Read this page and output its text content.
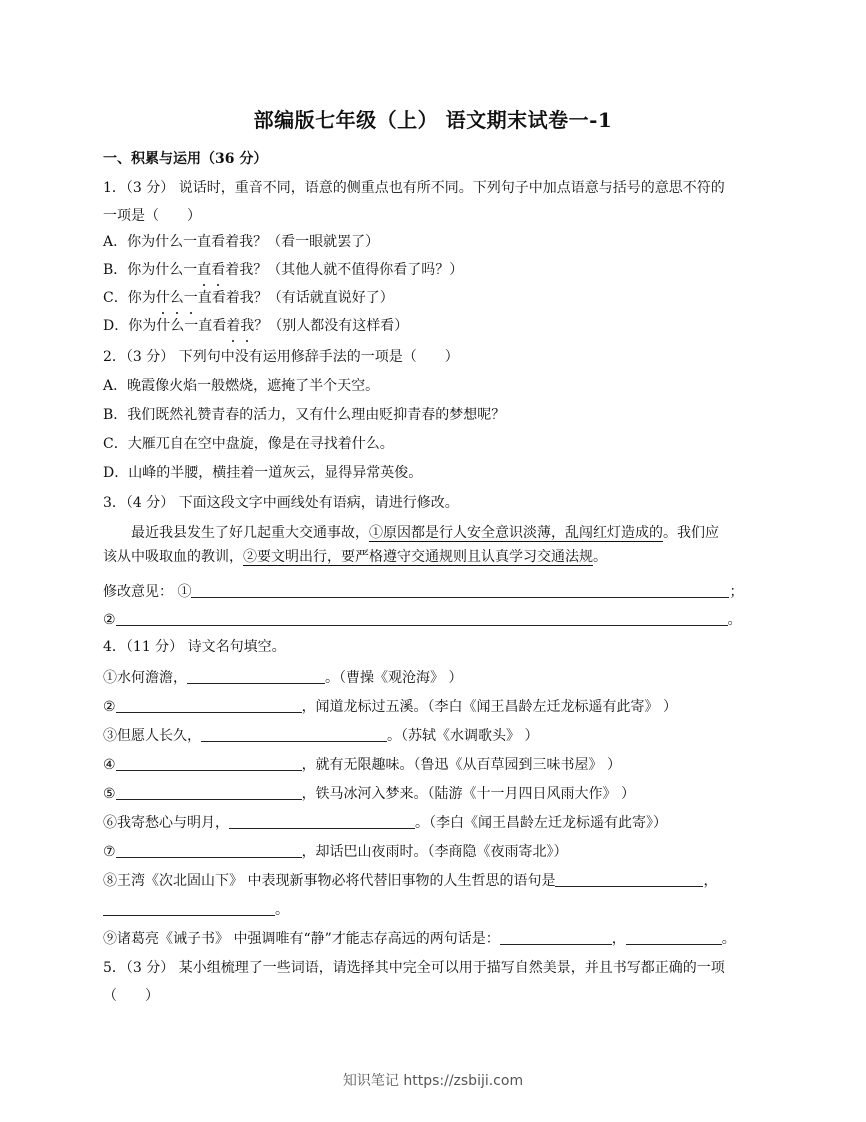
部编版七年级（上） 语文期末试卷一-1
一、积累与运用（36 分）
1．（3 分） 说话时，重音不同，语意的侧重点也有所不同。下列句子中加点语意与括号的意思不符的
一项是（　　）
A．你为什么一直看着我？（看一眼就罢了）
B．你为什么一直看着我？（其他人就不值得你看了吗？）
C．你为什么一直看着我？（有话就直说好了）
D．你为什么一直看着我？（别人都没有这样看）
2．（3 分） 下列句中没有运用修辞手法的一项是（　　）
A．晚霞像火焰一般燃烧，遮掩了半个天空。
B．我们既然礼赞青春的活力，又有什么理由贬抑青春的梦想呢？
C．大雁兀自在空中盘旋，像是在寻找着什么。
D．山峰的半腰，横挂着一道灰云，显得异常英俊。
3．（4 分） 下面这段文字中画线处有语病，请进行修改。
最近我县发生了好几起重大交通事故，①原因都是行人安全意识淡薄，乱闯红灯造成的。我们应
该从中吸取血的教训，②要文明出行，要严格遵守交通规则且认真学习交通法规。
修改意见： ①	；
②	。
4．（11 分） 诗文名句填空。
①水何澹澹，	。（曹操《观沧海》 ）
②	，闻道龙标过五溪。（李白《闻王昌龄左迁龙标遥有此寄》 ）
③但愿人长久，	。（苏轼《水调歌头》 ）
④	，就有无限趣味。（鲁迅《从百草园到三味书屋》 ）
⑤	，铁马冰河入梦来。（陆游《十一月四日风雨大作》 ）
⑥我寄愁心与明月，	。（李白《闻王昌龄左迁龙标遥有此寄》）
⑦	，却话巴山夜雨时。（李商隐《夜雨寄北》）
⑧王湾《次北固山下》 中表现新事物必将代替旧事物的人生哲思的语句是	，
。
⑨诸葛亮《诫子书》 中强调唯有“静”才能志存高远的两句话是：	，	。
5．（3 分） 某小组梳理了一些词语，请选择其中完全可以用于描写自然美景，并且书写都正确的一项
（　　）
知识笔记 https://zsbiji.com
